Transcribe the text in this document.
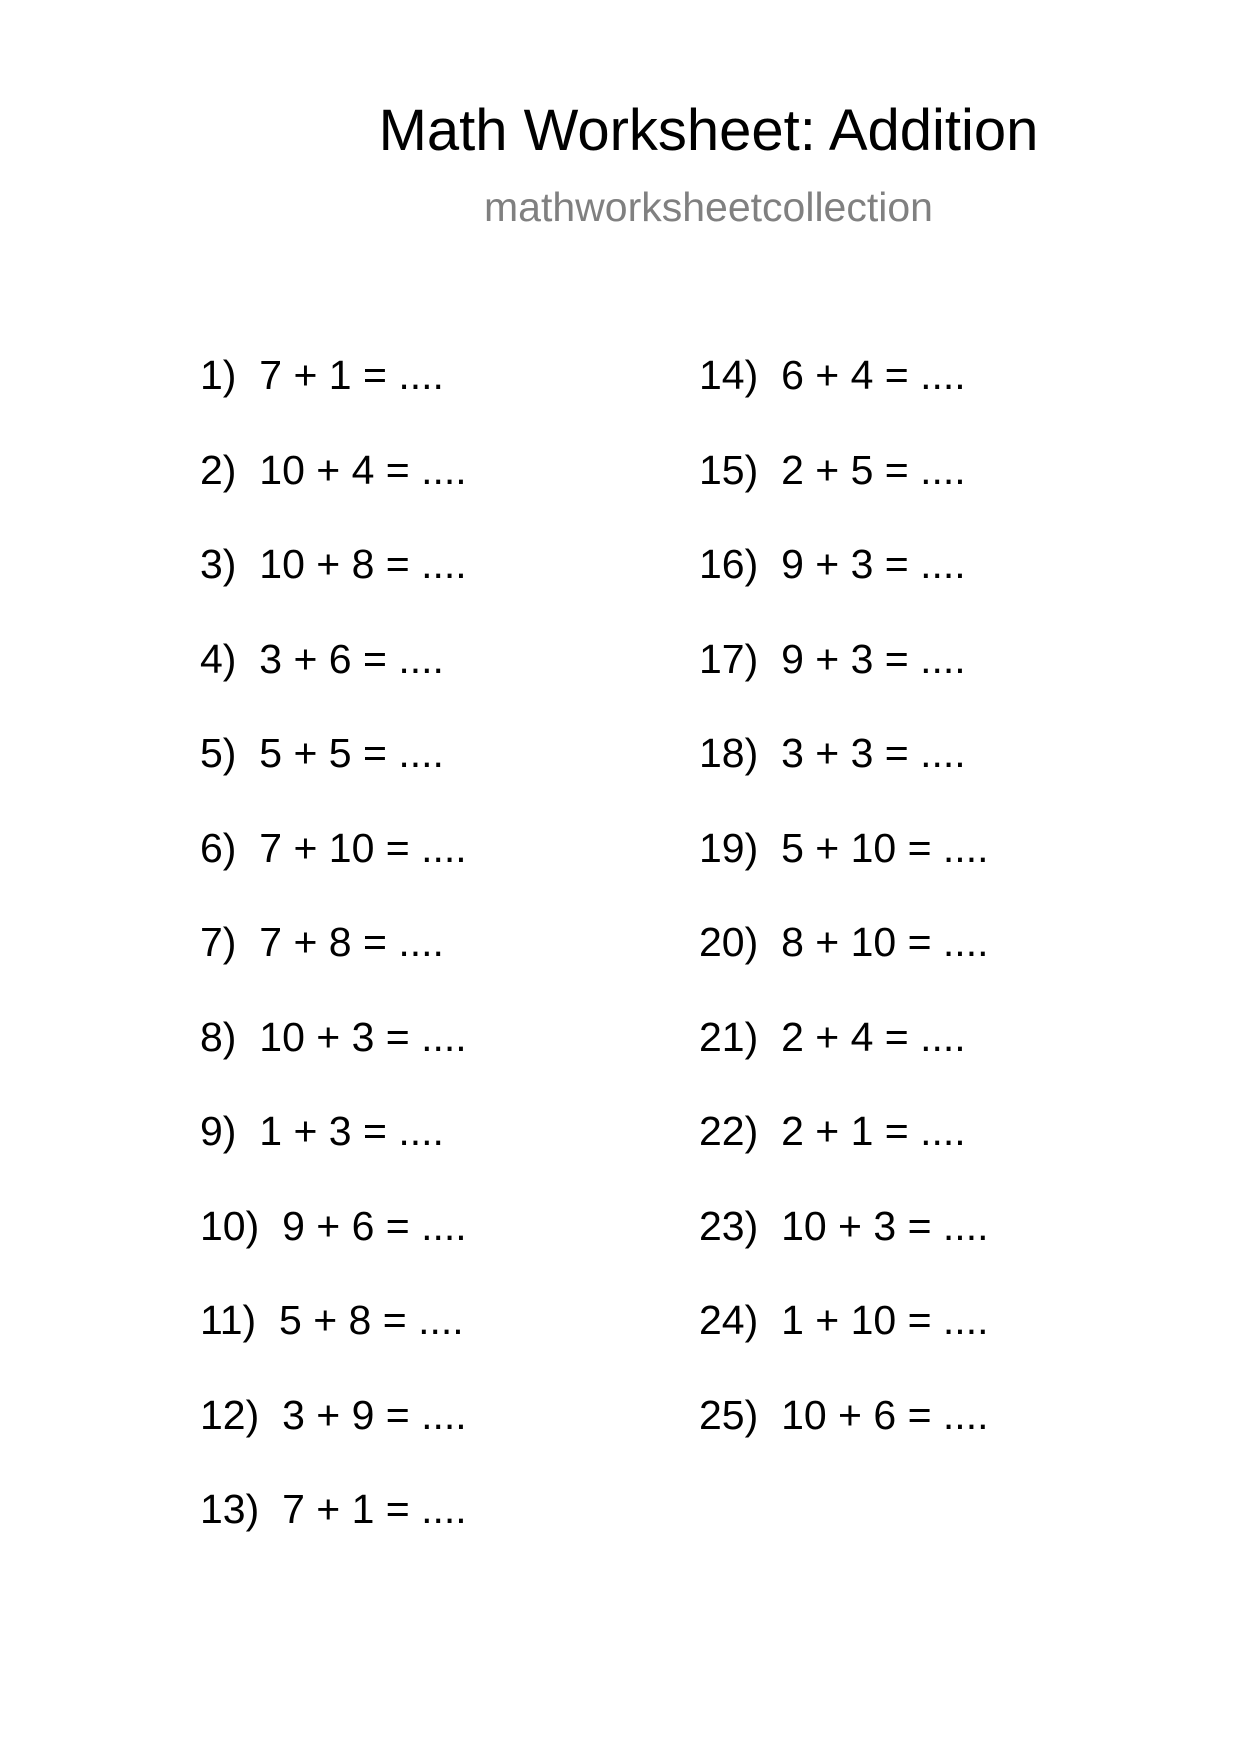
Math Worksheet: Addition
mathworksheetcollection
1) 7 + 1 = ....
2) 10 + 4 = ....
3) 10 + 8 = ....
4) 3 + 6 = ....
5) 5 + 5 = ....
6) 7 + 10 = ....
7) 7 + 8 = ....
8) 10 + 3 = ....
9) 1 + 3 = ....
10) 9 + 6 = ....
11) 5 + 8 = ....
12) 3 + 9 = ....
13) 7 + 1 = ....
14) 6 + 4 = ....
15) 2 + 5 = ....
16) 9 + 3 = ....
17) 9 + 3 = ....
18) 3 + 3 = ....
19) 5 + 10 = ....
20) 8 + 10 = ....
21) 2 + 4 = ....
22) 2 + 1 = ....
23) 10 + 3 = ....
24) 1 + 10 = ....
25) 10 + 6 = ....
